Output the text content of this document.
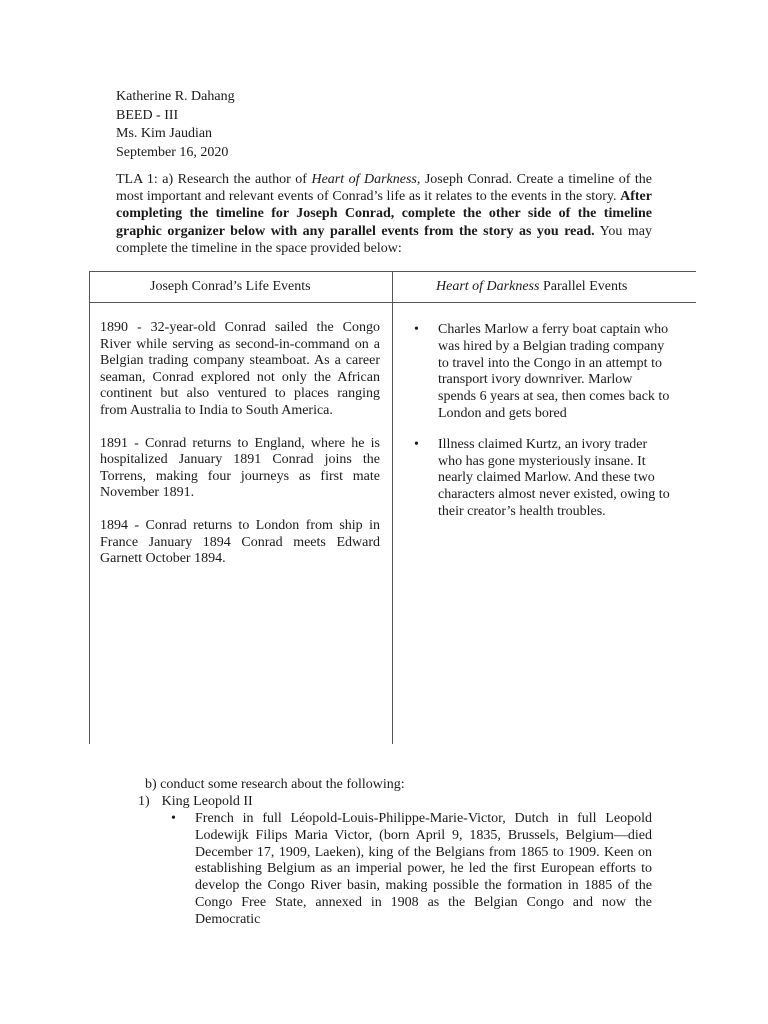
Katherine R. Dahang
BEED - III
Ms. Kim Jaudian
September 16, 2020
TLA 1: a) Research the author of Heart of Darkness, Joseph Conrad. Create a timeline of the most important and relevant events of Conrad’s life as it relates to the events in the story. After completing the timeline for Joseph Conrad, complete the other side of the timeline graphic organizer below with any parallel events from the story as you read. You may complete the timeline in the space provided below:
Joseph Conrad’s Life Events	Heart of Darkness Parallel Events

1890 - 32-year-old Conrad sailed the Congo River while serving as second-in-command on a Belgian trading company steamboat. As a career seaman, Conrad explored not only the African continent but also ventured to places ranging from Australia to India to South America.

1891 - Conrad returns to England, where he is hospitalized January 1891 Conrad joins the Torrens, making four journeys as first mate November 1891.

1894 - Conrad returns to London from ship in France January 1894 Conrad meets Edward Garnett October 1894.

• Charles Marlow a ferry boat captain who was hired by a Belgian trading company to travel into the Congo in an attempt to transport ivory downriver. Marlow spends 6 years at sea, then comes back to London and gets bored
• Illness claimed Kurtz, an ivory trader who has gone mysteriously insane. It nearly claimed Marlow. And these two characters almost never existed, owing to their creator’s health troubles.
b) conduct some research about the following:
1) King Leopold II
• French in full Léopold-Louis-Philippe-Marie-Victor, Dutch in full Leopold Lodewijk Filips Maria Victor, (born April 9, 1835, Brussels, Belgium—died December 17, 1909, Laeken), king of the Belgians from 1865 to 1909. Keen on establishing Belgium as an imperial power, he led the first European efforts to develop the Congo River basin, making possible the formation in 1885 of the Congo Free State, annexed in 1908 as the Belgian Congo and now the Democratic
